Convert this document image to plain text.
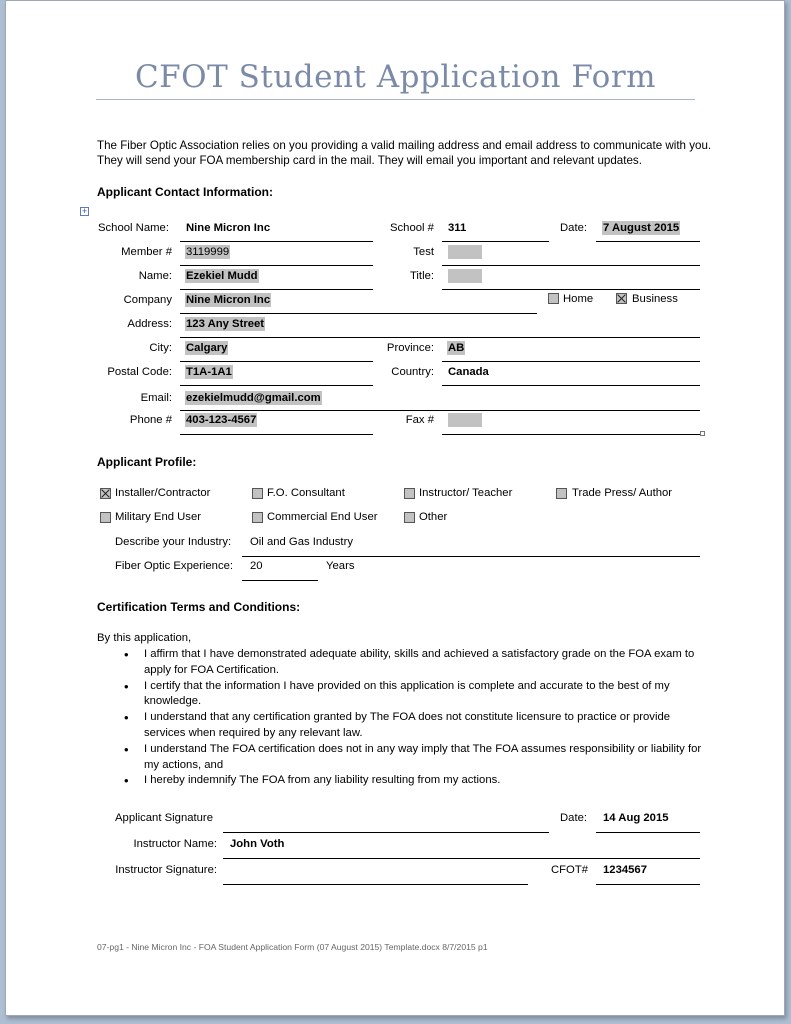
CFOT Student Application Form
The Fiber Optic Association relies on you providing a valid mailing address and email address to communicate with you. They will send your FOA membership card in the mail. They will email you important and relevant updates.
Applicant Contact Information:
+
School Name: Nine Micron Inc	School # 311	Date: 7 August 2015
Member # 3119999	Test
Name: Ezekiel Mudd	Title:
Company Nine Micron Inc	Home	Business
Address: 123 Any Street
City: Calgary	Province: AB
Postal Code: T1A-1A1	Country: Canada
Email: ezekielmudd@gmail.com
Phone # 403-123-4567	Fax #
Applicant Profile:
Installer/Contractor	F.O. Consultant	Instructor/ Teacher	Trade Press/ Author
Military End User	Commercial End User	Other
Describe your Industry: Oil and Gas Industry
Fiber Optic Experience: 20	Years
Certification Terms and Conditions:
By this application,
• I affirm that I have demonstrated adequate ability, skills and achieved a satisfactory grade on the FOA exam to apply for FOA Certification.
• I certify that the information I have provided on this application is complete and accurate to the best of my knowledge.
• I understand that any certification granted by The FOA does not constitute licensure to practice or provide services when required by any relevant law.
• I understand The FOA certification does not in any way imply that The FOA assumes responsibility or liability for my actions, and
• I hereby indemnify The FOA from any liability resulting from my actions.
Applicant Signature	Date: 14 Aug 2015
Instructor Name: John Voth
Instructor Signature:	CFOT# 1234567
07-pg1 - Nine Micron Inc - FOA Student Application Form (07 August 2015) Template.docx 8/7/2015 p1
